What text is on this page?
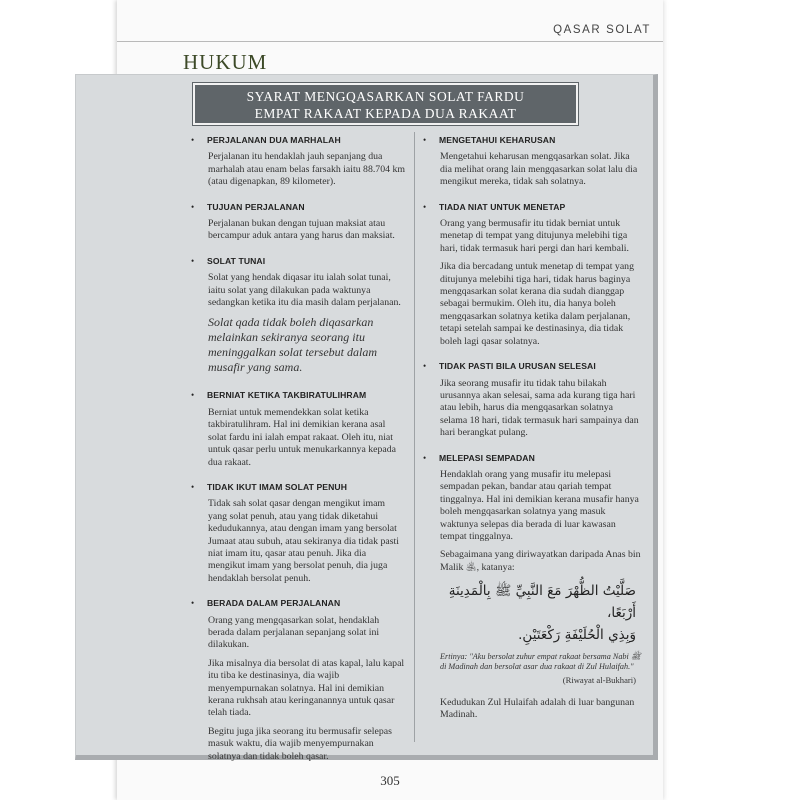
QASAR SOLAT
HUKUM
305
SYARAT MENGQASARKAN SOLAT FARDU
EMPAT RAKAAT KEPADA DUA RAKAAT
• PERJALANAN DUA MARHALAH
Perjalanan itu hendaklah jauh sepanjang dua marhalah atau enam belas farsakh iaitu 88.704 km (atau digenapkan, 89 kilometer).
• TUJUAN PERJALANAN
Perjalanan bukan dengan tujuan maksiat atau bercampur aduk antara yang harus dan maksiat.
• SOLAT TUNAI
Solat yang hendak diqasar itu ialah solat tunai, iaitu solat yang dilakukan pada waktunya sedangkan ketika itu dia masih dalam perjalanan.
Solat qada tidak boleh diqasarkan melainkan sekiranya seorang itu meninggalkan solat tersebut dalam musafir yang sama.
• BERNIAT KETIKA TAKBIRATULIHRAM
Berniat untuk memendekkan solat ketika takbiratulihram. Hal ini demikian kerana asal solat fardu ini ialah empat rakaat. Oleh itu, niat untuk qasar perlu untuk menukarkannya kepada dua rakaat.
• TIDAK IKUT IMAM SOLAT PENUH
Tidak sah solat qasar dengan mengikut imam yang solat penuh, atau yang tidak diketahui kedudukannya, atau dengan imam yang bersolat Jumaat atau subuh, atau sekiranya dia tidak pasti niat imam itu, qasar atau penuh. Jika dia mengikut imam yang bersolat penuh, dia juga hendaklah bersolat penuh.
• BERADA DALAM PERJALANAN
Orang yang mengqasarkan solat, hendaklah berada dalam perjalanan sepanjang solat ini dilakukan.
Jika misalnya dia bersolat di atas kapal, lalu kapal itu tiba ke destinasinya, dia wajib menyempurnakan solatnya. Hal ini demikian kerana rukhsah atau keringanannya untuk qasar telah tiada.
Begitu juga jika seorang itu bermusafir selepas masuk waktu, dia wajib menyempurnakan solatnya dan tidak boleh qasar.
• MENGETAHUI KEHARUSAN
Mengetahui keharusan mengqasarkan solat. Jika dia melihat orang lain mengqasarkan solat lalu dia mengikut mereka, tidak sah solatnya.
• TIADA NIAT UNTUK MENETAP
Orang yang bermusafir itu tidak berniat untuk menetap di tempat yang ditujunya melebihi tiga hari, tidak termasuk hari pergi dan hari kembali.
Jika dia bercadang untuk menetap di tempat yang ditujunya melebihi tiga hari, tidak harus baginya mengqasarkan solat kerana dia sudah dianggap sebagai bermukim. Oleh itu, dia hanya boleh mengqasarkan solatnya ketika dalam perjalanan, tetapi setelah sampai ke destinasinya, dia tidak boleh lagi qasar solatnya.
• TIDAK PASTI BILA URUSAN SELESAI
Jika seorang musafir itu tidak tahu bilakah urusannya akan selesai, sama ada kurang tiga hari atau lebih, harus dia mengqasarkan solatnya selama 18 hari, tidak termasuk hari sampainya dan hari berangkat pulang.
• MELEPASI SEMPADAN
Hendaklah orang yang musafir itu melepasi sempadan pekan, bandar atau qariah tempat tinggalnya. Hal ini demikian kerana musafir hanya boleh mengqasarkan solatnya yang masuk waktunya selepas dia berada di luar kawasan tempat tinggalnya.
Sebagaimana yang diriwayatkan daripada Anas bin Malik ﵁, katanya:
صَلَّيْتُ الظُّهْرَ مَعَ النَّبِيِّ ﷺ بِالْمَدِينَةِ أَرْبَعًا،
وَبِذِي الْحُلَيْفَةِ رَكْعَتَيْنِ.
Ertinya: "Aku bersolat zuhur empat rakaat bersama Nabi ﷺ di Madinah dan bersolat asar dua rakaat di Zul Hulaifah."
(Riwayat al-Bukhari)
Kedudukan Zul Hulaifah adalah di luar bangunan Madinah.
